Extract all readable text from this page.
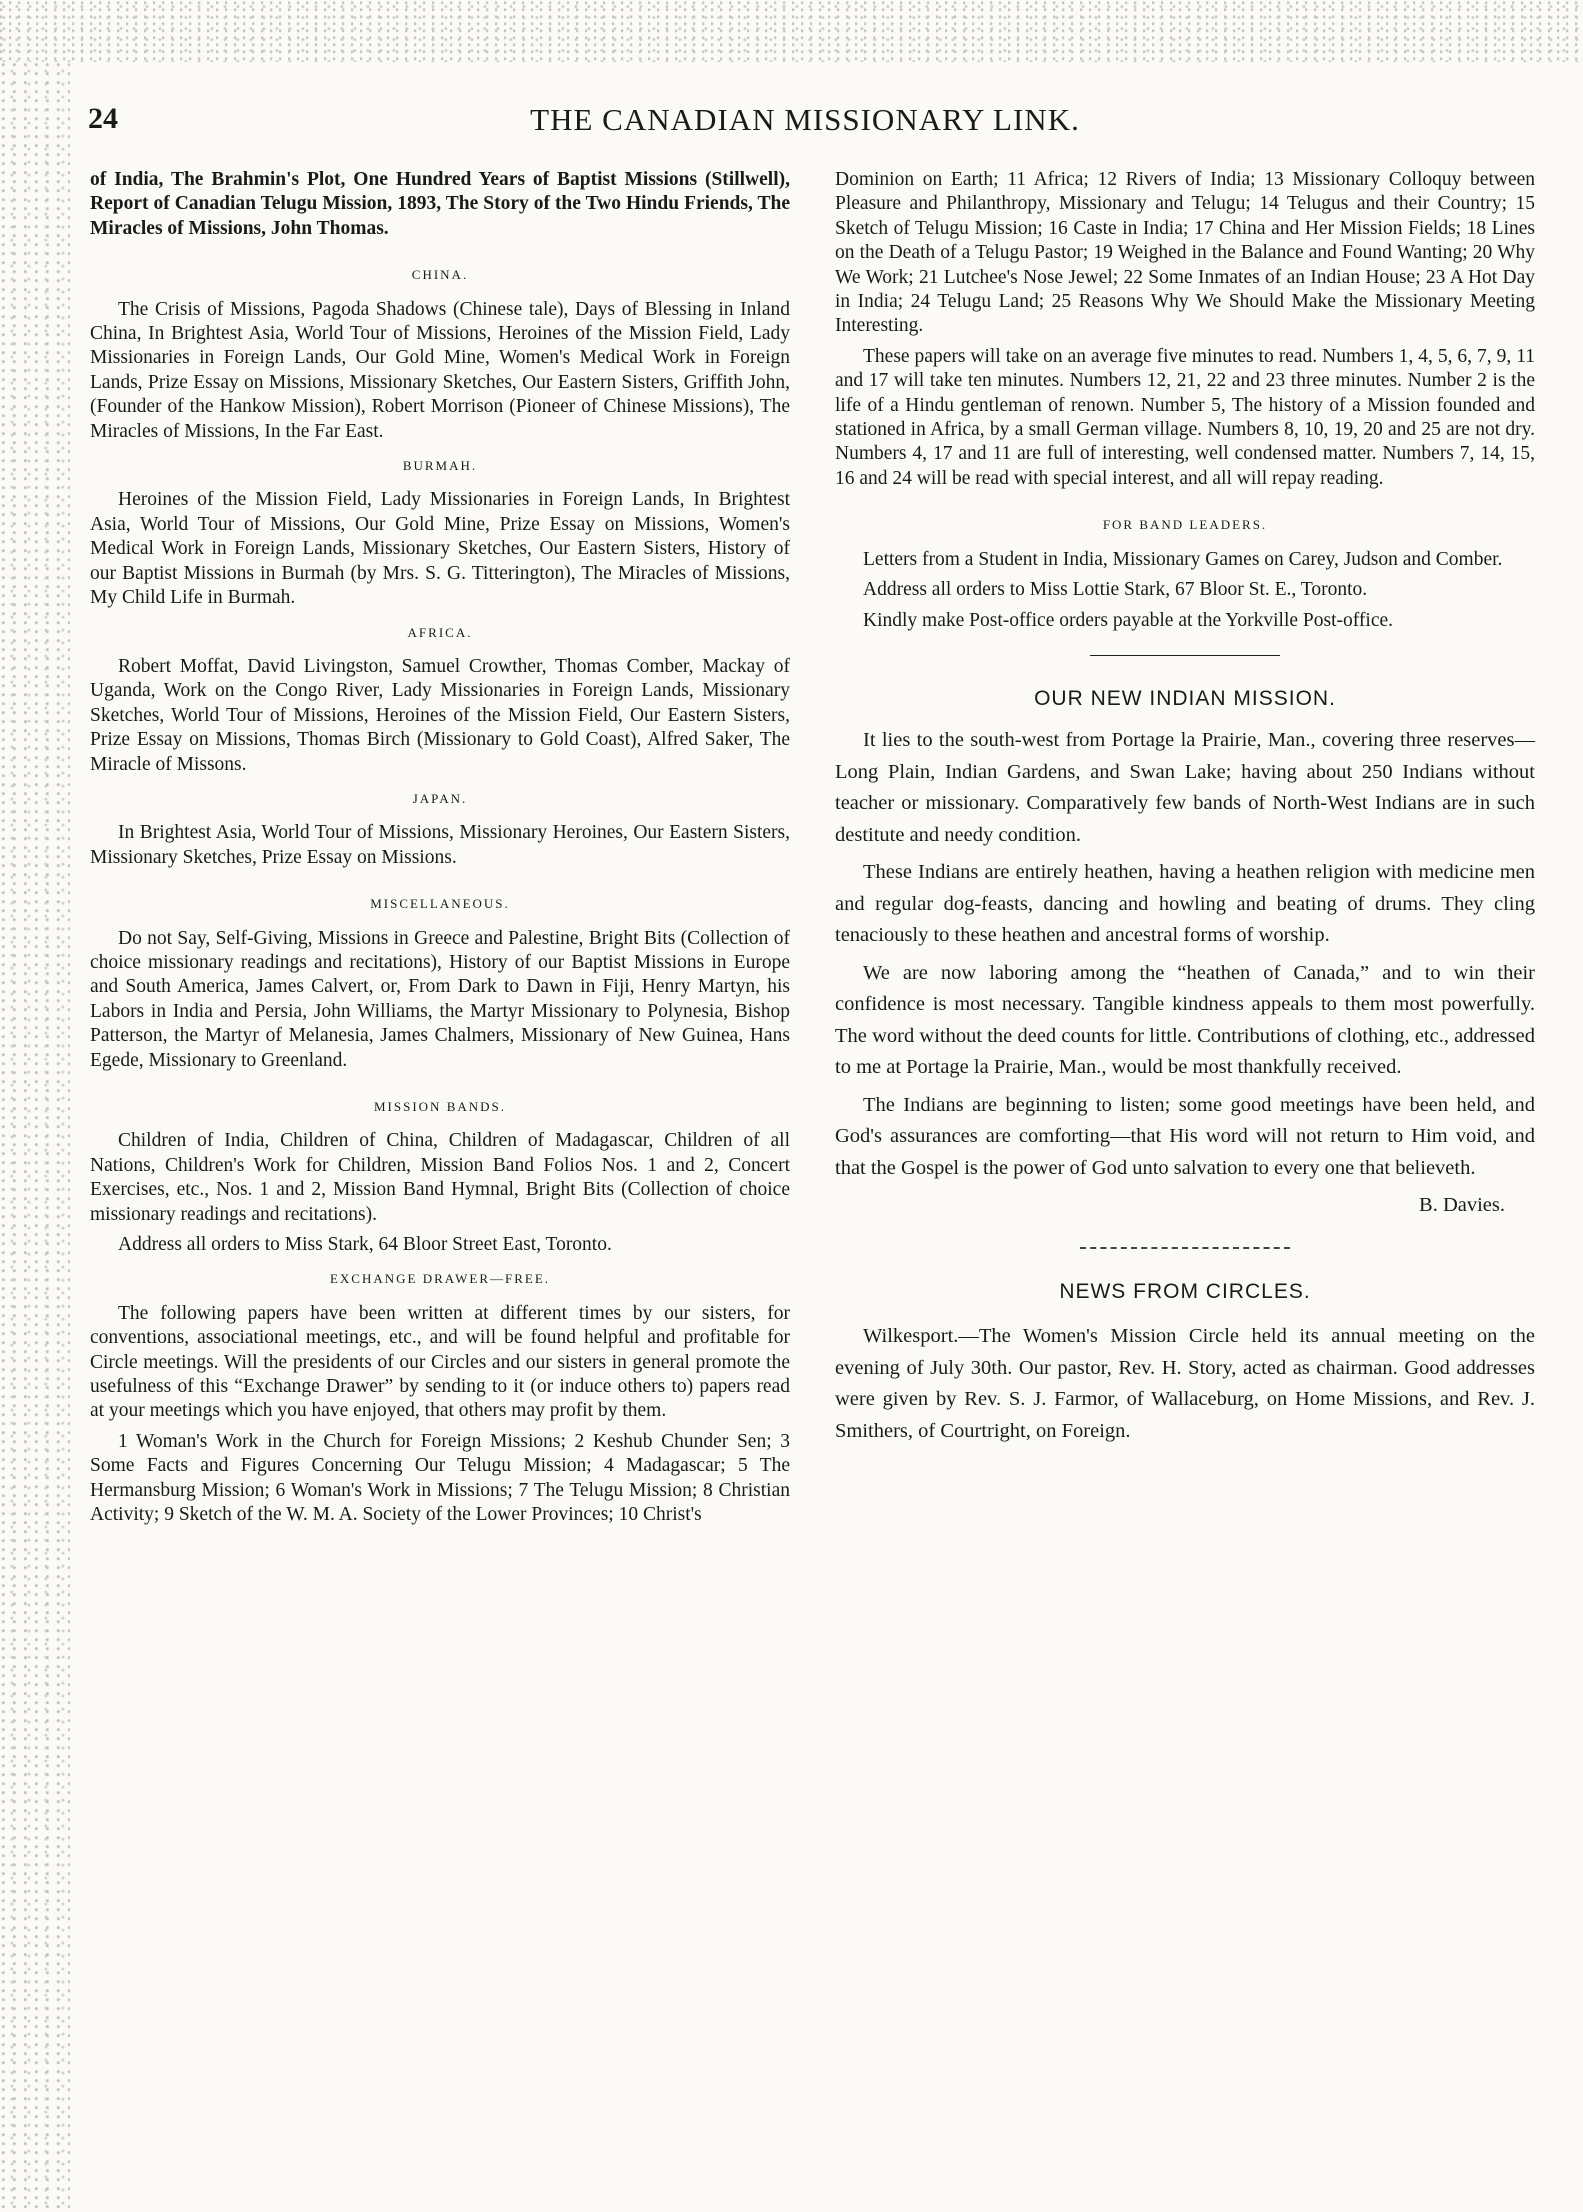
24	THE CANADIAN MISSIONARY LINK.

of India, The Brahmin's Plot, One Hundred Years of Baptist Missions (Stillwell), Report of Canadian Telugu Mission, 1893, The Story of the Two Hindu Friends, The Miracles of Missions, John Thomas.

CHINA.

The Crisis of Missions, Pagoda Shadows (Chinese tale), Days of Blessing in Inland China, In Brightest Asia, World Tour of Missions, Heroines of the Mission Field, Lady Missionaries in Foreign Lands, Our Gold Mine, Women's Medical Work in Foreign Lands, Prize Essay on Missions, Missionary Sketches, Our Eastern Sisters, Griffith John, (Founder of the Hankow Mission), Robert Morrison (Pioneer of Chinese Missions), The Miracles of Missions, In the Far East.

BURMAH.

Heroines of the Mission Field, Lady Missionaries in Foreign Lands, In Brightest Asia, World Tour of Missions, Our Gold Mine, Prize Essay on Missions, Women's Medical Work in Foreign Lands, Missionary Sketches, Our Eastern Sisters, History of our Baptist Missions in Burmah (by Mrs. S. G. Titterington), The Miracles of Missions, My Child Life in Burmah.

AFRICA.

Robert Moffat, David Livingston, Samuel Crowther, Thomas Comber, Mackay of Uganda, Work on the Congo River, Lady Missionaries in Foreign Lands, Missionary Sketches, World Tour of Missions, Heroines of the Mission Field, Our Eastern Sisters, Prize Essay on Missions, Thomas Birch (Missionary to Gold Coast), Alfred Saker, The Miracle of Missons.

JAPAN.

In Brightest Asia, World Tour of Missions, Missionary Heroines, Our Eastern Sisters, Missionary Sketches, Prize Essay on Missions.

MISCELLANEOUS.

Do not Say, Self-Giving, Missions in Greece and Palestine, Bright Bits (Collection of choice missionary readings and recitations), History of our Baptist Missions in Europe and South America, James Calvert, or, From Dark to Dawn in Fiji, Henry Martyn, his Labors in India and Persia, John Williams, the Martyr Missionary to Polynesia, Bishop Patterson, the Martyr of Melanesia, James Chalmers, Missionary of New Guinea, Hans Egede, Missionary to Greenland.

MISSION BANDS.

Children of India, Children of China, Children of Madagascar, Children of all Nations, Children's Work for Children, Mission Band Folios Nos. 1 and 2, Concert Exercises, etc., Nos. 1 and 2, Mission Band Hymnal, Bright Bits (Collection of choice missionary readings and recitations).

Address all orders to Miss Stark, 64 Bloor Street East, Toronto.

EXCHANGE DRAWER—FREE.

The following papers have been written at different times by our sisters, for conventions, associational meetings, etc., and will be found helpful and profitable for Circle meetings. Will the presidents of our Circles and our sisters in general promote the usefulness of this “Exchange Drawer” by sending to it (or induce others to) papers read at your meetings which you have enjoyed, that others may profit by them.

1 Woman's Work in the Church for Foreign Missions; 2 Keshub Chunder Sen; 3 Some Facts and Figures Concerning Our Telugu Mission; 4 Madagascar; 5 The Hermansburg Mission; 6 Woman's Work in Missions; 7 The Telugu Mission; 8 Christian Activity; 9 Sketch of the W. M. A. Society of the Lower Provinces; 10 Christ's

Dominion on Earth; 11 Africa; 12 Rivers of India; 13 Missionary Colloquy between Pleasure and Philanthropy, Missionary and Telugu; 14 Telugus and their Country; 15 Sketch of Telugu Mission; 16 Caste in India; 17 China and Her Mission Fields; 18 Lines on the Death of a Telugu Pastor; 19 Weighed in the Balance and Found Wanting; 20 Why We Work; 21 Lutchee's Nose Jewel; 22 Some Inmates of an Indian House; 23 A Hot Day in India; 24 Telugu Land; 25 Reasons Why We Should Make the Missionary Meeting Interesting.

These papers will take on an average five minutes to read. Numbers 1, 4, 5, 6, 7, 9, 11 and 17 will take ten minutes. Numbers 12, 21, 22 and 23 three minutes. Number 2 is the life of a Hindu gentleman of renown. Number 5, The history of a Mission founded and stationed in Africa, by a small German village. Numbers 8, 10, 19, 20 and 25 are not dry. Numbers 4, 17 and 11 are full of interesting, well condensed matter. Numbers 7, 14, 15, 16 and 24 will be read with special interest, and all will repay reading.

FOR BAND LEADERS.

Letters from a Student in India, Missionary Games on Carey, Judson and Comber.

Address all orders to Miss Lottie Stark, 67 Bloor St. E., Toronto.

Kindly make Post-office orders payable at the Yorkville Post-office.

OUR NEW INDIAN MISSION.

It lies to the south-west from Portage la Prairie, Man., covering three reserves—Long Plain, Indian Gardens, and Swan Lake; having about 250 Indians without teacher or missionary. Comparatively few bands of North-West Indians are in such destitute and needy condition.

These Indians are entirely heathen, having a heathen religion with medicine men and regular dog-feasts, dancing and howling and beating of drums. They cling tenaciously to these heathen and ancestral forms of worship.

We are now laboring among the “heathen of Canada,” and to win their confidence is most necessary. Tangible kindness appeals to them most powerfully. The word without the deed counts for little. Contributions of clothing, etc., addressed to me at Portage la Prairie, Man., would be most thankfully received.

The Indians are beginning to listen; some good meetings have been held, and God's assurances are comforting—that His word will not return to Him void, and that the Gospel is the power of God unto salvation to every one that believeth.

B. Davies.
NEWS FROM CIRCLES.

Wilkesport.—The Women's Mission Circle held its annual meeting on the evening of July 30th. Our pastor, Rev. H. Story, acted as chairman. Good addresses were given by Rev. S. J. Farmor, of Wallaceburg, on Home Missions, and Rev. J. Smithers, of Courtright, on Foreign.
